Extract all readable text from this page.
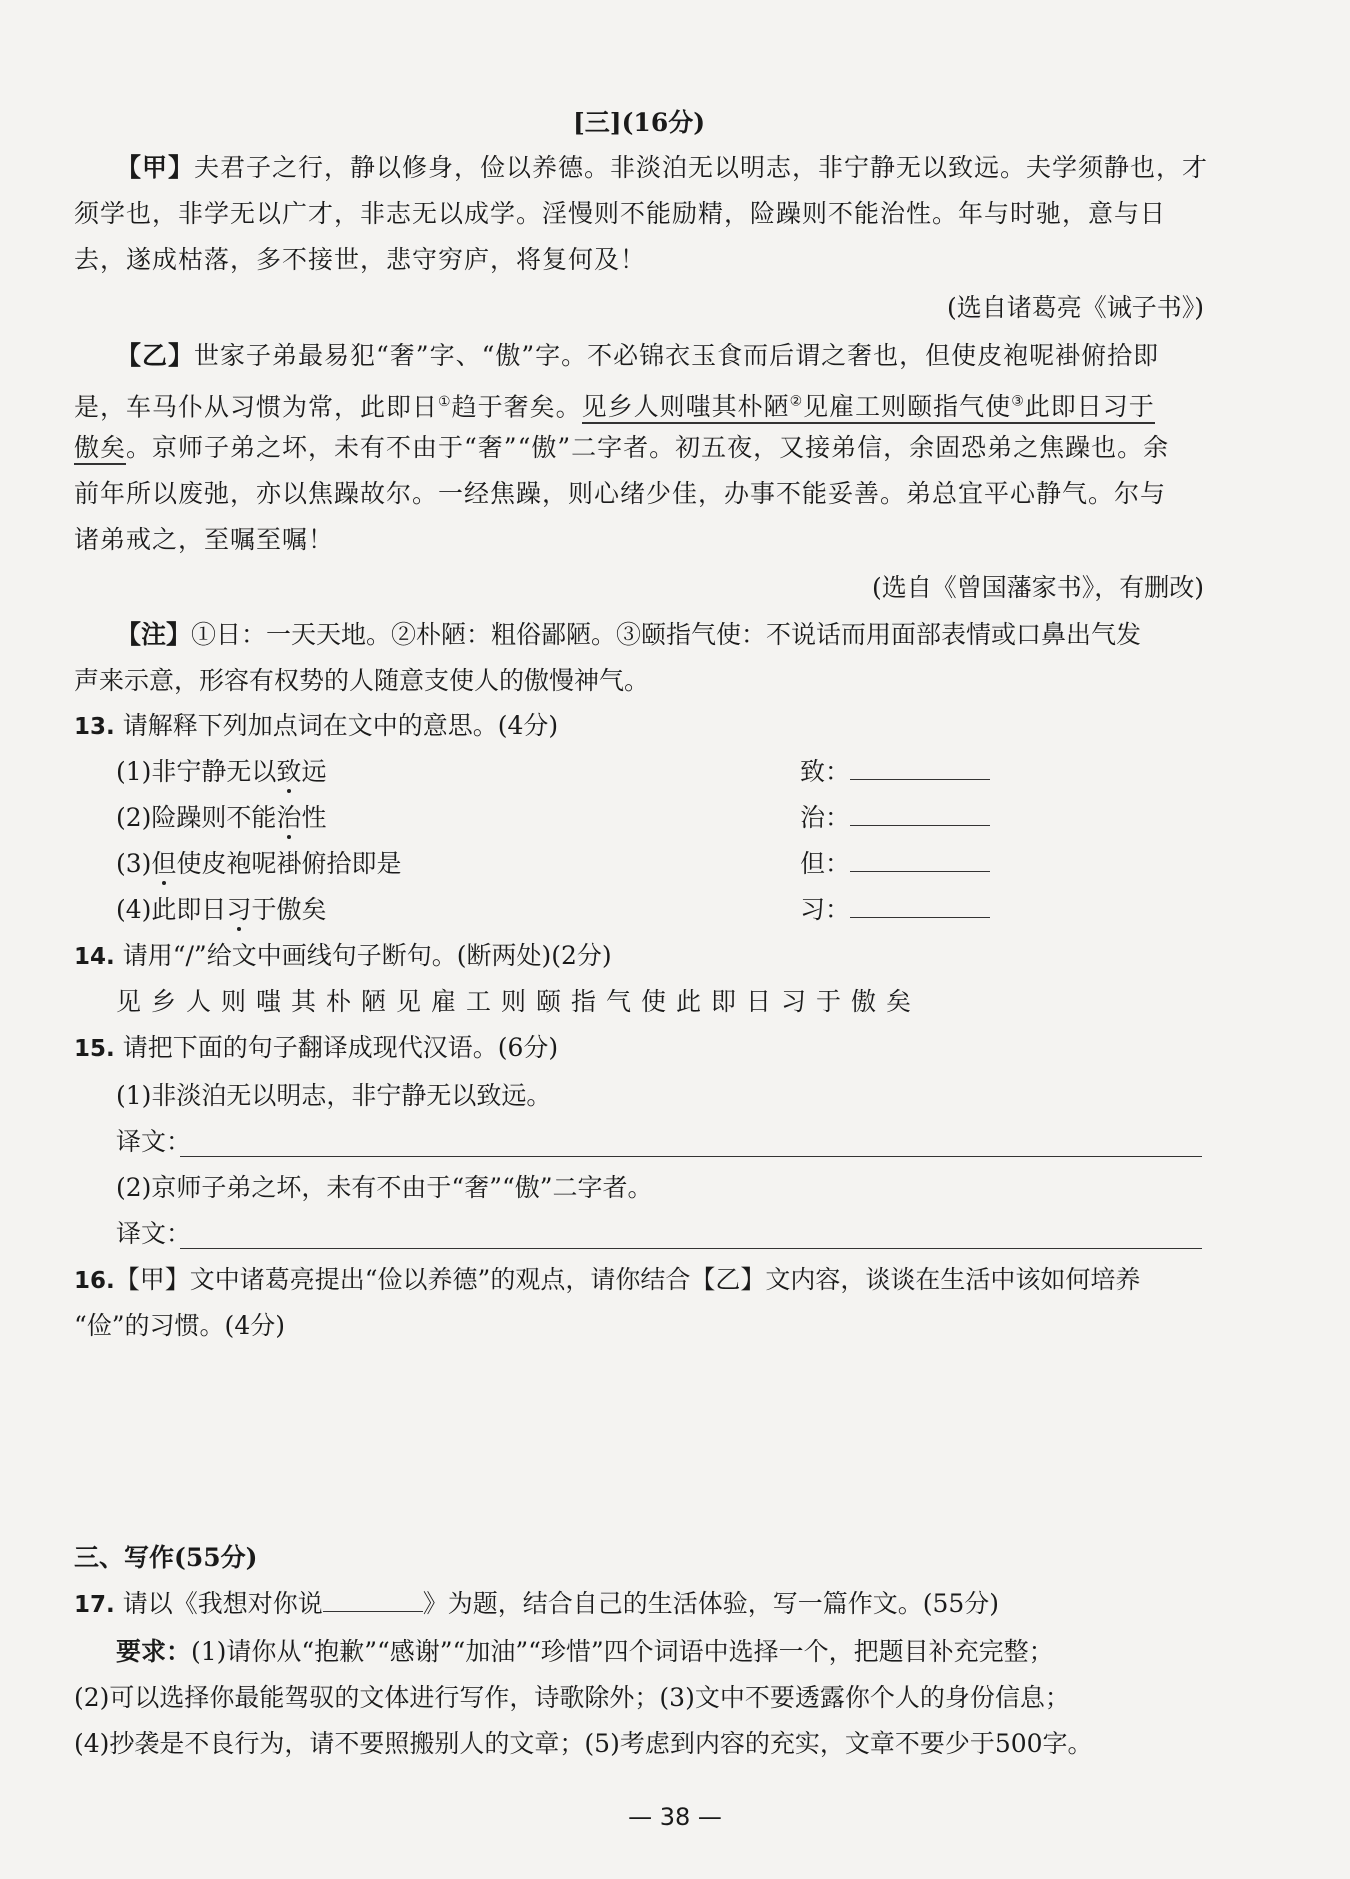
[三](16分)
【甲】夫君子之行，静以修身，俭以养德。非淡泊无以明志，非宁静无以致远。夫学须静也，才
须学也，非学无以广才，非志无以成学。淫慢则不能励精，险躁则不能治性。年与时驰，意与日
去，遂成枯落，多不接世，悲守穷庐，将复何及！
(选自诸葛亮《诫子书》)
【乙】世家子弟最易犯“奢”字、“傲”字。不必锦衣玉食而后谓之奢也，但使皮袍呢褂俯拾即
是，车马仆从习惯为常，此即日①趋于奢矣。见乡人则嗤其朴陋②见雇工则颐指气使③此即日习于
傲矣。京师子弟之坏，未有不由于“奢”“傲”二字者。初五夜，又接弟信，余固恐弟之焦躁也。余
前年所以废弛，亦以焦躁故尔。一经焦躁，则心绪少佳，办事不能妥善。弟总宜平心静气。尔与
诸弟戒之，至嘱至嘱！
(选自《曾国藩家书》，有删改)
【注】①日：一天天地。②朴陋：粗俗鄙陋。③颐指气使：不说话而用面部表情或口鼻出气发
声来示意，形容有权势的人随意支使人的傲慢神气。
13. 请解释下列加点词在文中的意思。(4分)
(1)非宁静无以致远	致：
(2)险躁则不能治性	治：
(3)但使皮袍呢褂俯拾即是	但：
(4)此即日习于傲矣	习：
14. 请用“/”给文中画线句子断句。(断两处)(2分)
见乡人则嗤其朴陋见雇工则颐指气使此即日习于傲矣
15. 请把下面的句子翻译成现代汉语。(6分)
(1)非淡泊无以明志，非宁静无以致远。
译文：
(2)京师子弟之坏，未有不由于“奢”“傲”二字者。
译文：
16.【甲】文中诸葛亮提出“俭以养德”的观点，请你结合【乙】文内容，谈谈在生活中该如何培养
“俭”的习惯。(4分)
三、写作(55分)
17. 请以《我想对你说	》为题，结合自己的生活体验，写一篇作文。(55分)
要求：(1)请你从“抱歉”“感谢”“加油”“珍惜”四个词语中选择一个，把题目补充完整；
(2)可以选择你最能驾驭的文体进行写作，诗歌除外；(3)文中不要透露你个人的身份信息；
(4)抄袭是不良行为，请不要照搬别人的文章；(5)考虑到内容的充实，文章不要少于500字。
— 38 —
